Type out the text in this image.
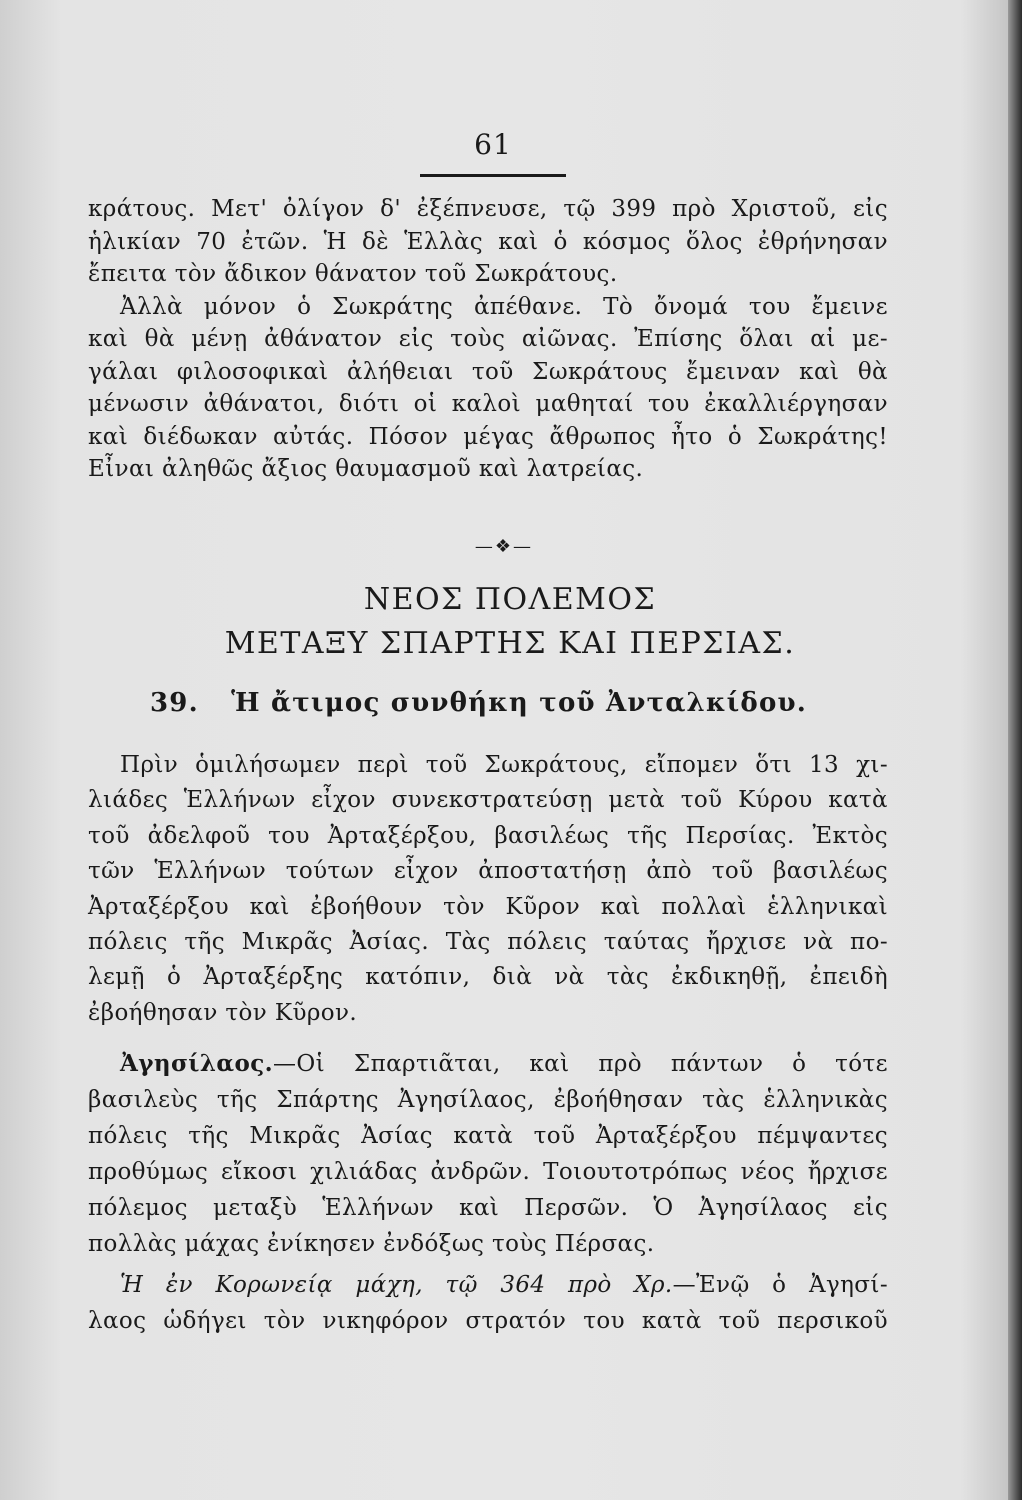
61
κράτους. Μετ' ὀλίγον δ' ἐξέπνευσε, τῷ 399 πρὸ Χριστοῦ, εἰς
ἡλικίαν 70 ἐτῶν. Ἡ δὲ Ἑλλὰς καὶ ὁ κόσμος ὅλος ἐθρήνησαν
ἔπειτα τὸν ἄδικον θάνατον τοῦ Σωκράτους.
Ἀλλὰ μόνον ὁ Σωκράτης ἀπέθανε. Τὸ ὄνομά του ἔμεινε
καὶ θὰ μένῃ ἀθάνατον εἰς τοὺς αἰῶνας. Ἐπίσης ὅλαι αἱ με-
γάλαι φιλοσοφικαὶ ἀλήθειαι τοῦ Σωκράτους ἔμειναν καὶ θὰ
μένωσιν ἀθάνατοι, διότι οἱ καλοὶ μαθηταί του ἐκαλλιέργησαν
καὶ διέδωκαν αὐτάς. Πόσον μέγας ἄθρωπος ἦτο ὁ Σωκράτης!
Εἶναι ἀληθῶς ἄξιος θαυμασμοῦ καὶ λατρείας.
—❖—
ΝΕΟΣ ΠΟΛΕΜΟΣ
ΜΕΤΑΞΥ ΣΠΑΡΤΗΣ ΚΑΙ ΠΕΡΣΙΑΣ.
39. Ἡ ἄτιμος συνθήκη τοῦ Ἀνταλκίδου.
Πρὶν ὁμιλήσωμεν περὶ τοῦ Σωκράτους, εἴπομεν ὅτι 13 χι-
λιάδες Ἑλλήνων εἶχον συνεκστρατεύσῃ μετὰ τοῦ Κύρου κατὰ
τοῦ ἀδελφοῦ του Ἀρταξέρξου, βασιλέως τῆς Περσίας. Ἐκτὸς
τῶν Ἑλλήνων τούτων εἶχον ἀποστατήσῃ ἀπὸ τοῦ βασιλέως
Ἀρταξέρξου καὶ ἐβοήθουν τὸν Κῦρον καὶ πολλαὶ ἑλληνικαὶ
πόλεις τῆς Μικρᾶς Ἀσίας. Τὰς πόλεις ταύτας ἤρχισε νὰ πο-
λεμῇ ὁ Ἀρταξέρξης κατόπιν, διὰ νὰ τὰς ἐκδικηθῇ, ἐπειδὴ
ἐβοήθησαν τὸν Κῦρον.
Ἀγησίλαος.—Οἱ Σπαρτιᾶται, καὶ πρὸ πάντων ὁ τότε
βασιλεὺς τῆς Σπάρτης Ἀγησίλαος, ἐβοήθησαν τὰς ἑλληνικὰς
πόλεις τῆς Μικρᾶς Ἀσίας κατὰ τοῦ Ἀρταξέρξου πέμψαντες
προθύμως εἴκοσι χιλιάδας ἀνδρῶν. Τοιουτοτρόπως νέος ἤρχισε
πόλεμος μεταξὺ Ἑλλήνων καὶ Περσῶν. Ὁ Ἀγησίλαος εἰς
πολλὰς μάχας ἐνίκησεν ἐνδόξως τοὺς Πέρσας.
Ἡ ἐν Κορωνείᾳ μάχη, τῷ 364 πρὸ Χρ.—Ἐνῷ ὁ Ἀγησί-
λαος ὡδήγει τὸν νικηφόρον στρατόν του κατὰ τοῦ περσικοῦ
